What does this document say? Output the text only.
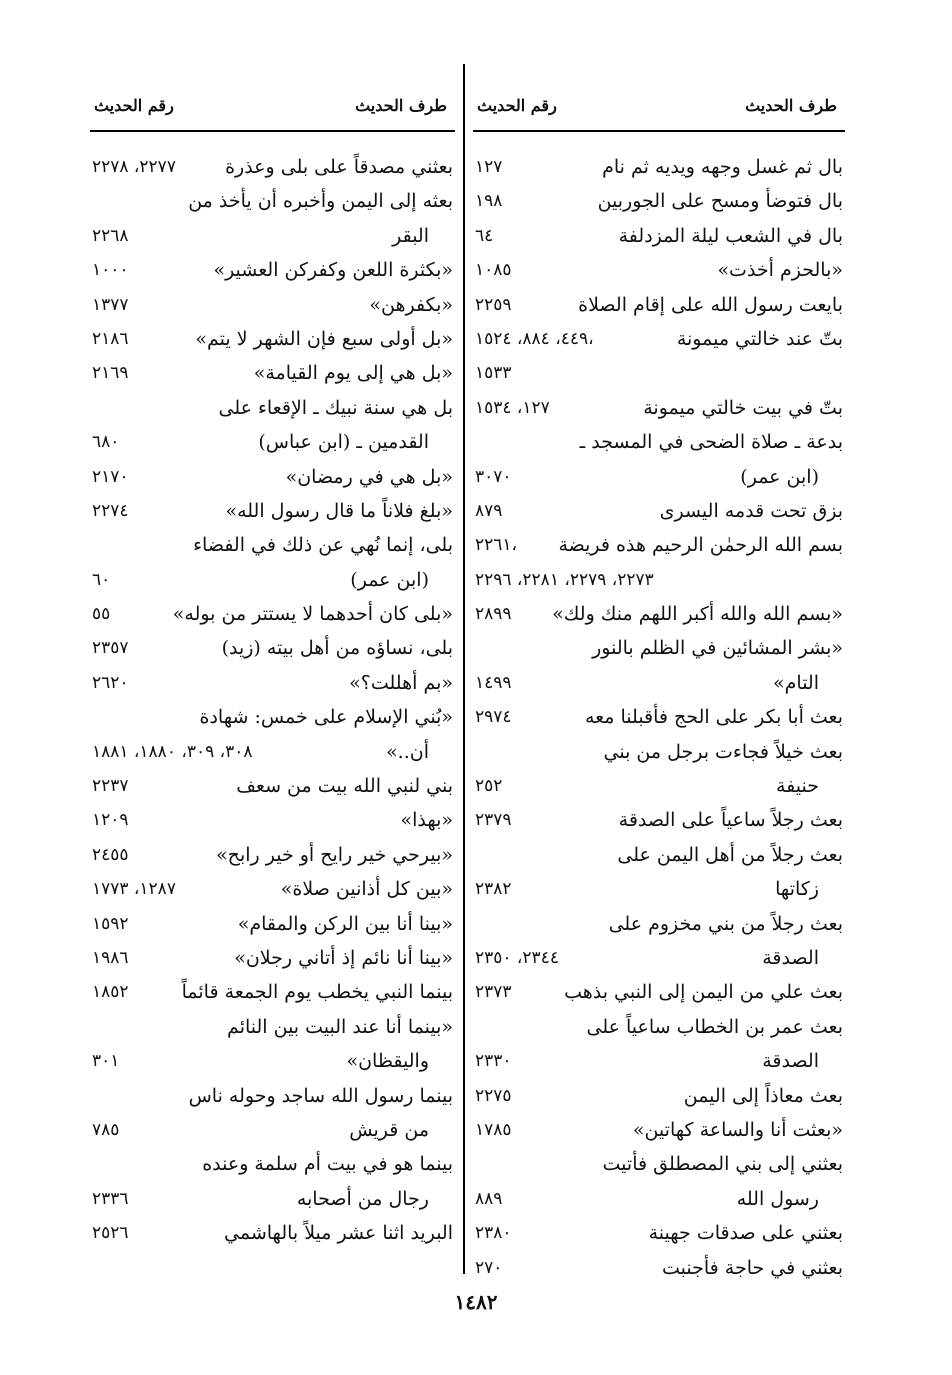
طرف الحديث
رقم الحديث
بال ثم غسل وجهه ويديه ثم نام
١٢٧
بال فتوضأ ومسح على الجوربين
١٩٨
بال في الشعب ليلة المزدلفة
٦٤
«بالحزم أخذت»
١٠٨٥
بايعت رسول الله على إقام الصلاة
٢٢٥٩
بتّ عند خالتي ميمونة
٤٤٩، ٨٨٤، ١٥٢٤،
١٥٣٣
بتّ في بيت خالتي ميمونة
١٢٧، ١٥٣٤
بدعة ـ صلاة الضحى في المسجد ـ
(ابن عمر)
٣٠٧٠
بزق تحت قدمه اليسرى
٨٧٩
بسم الله الرحمٰن الرحيم هذه فريضة
٢٢٦١،
٢٢٧٣، ٢٢٧٩، ٢٢٨١، ٢٢٩٦
«بسم الله والله أكبر اللهم منك ولك»
٢٨٩٩
«بشر المشائين في الظلم بالنور
التام»
١٤٩٩
بعث أبا بكر على الحج فأقبلنا معه
٢٩٧٤
بعث خيلاً فجاءت برجل من بني
حنيفة
٢٥٢
بعث رجلاً ساعياً على الصدقة
٢٣٧٩
بعث رجلاً من أهل اليمن على
زكاتها
٢٣٨٢
بعث رجلاً من بني مخزوم على
الصدقة
٢٣٤٤، ٢٣٥٠
بعث علي من اليمن إلى النبي بذهب
٢٣٧٣
بعث عمر بن الخطاب ساعياً على
الصدقة
٢٣٣٠
بعث معاذاً إلى اليمن
٢٢٧٥
«بعثت أنا والساعة كهاتين»
١٧٨٥
بعثني إلى بني المصطلق فأتيت
رسول الله
٨٨٩
بعثني على صدقات جهينة
٢٣٨٠
بعثني في حاجة فأجنبت
٢٧٠
طرف الحديث
رقم الحديث
بعثني مصدقاً على بلى وعذرة
٢٢٧٧، ٢٢٧٨
بعثه إلى اليمن وأخبره أن يأخذ من
البقر
٢٢٦٨
«بكثرة اللعن وكفركن العشير»
١٠٠٠
«بكفرهن»
١٣٧٧
«بل أولى سبع فإن الشهر لا يتم»
٢١٨٦
«بل هي إلى يوم القيامة»
٢١٦٩
بل هي سنة نبيك ـ الإقعاء على
القدمين ـ (ابن عباس)
٦٨٠
«بل هي في رمضان»
٢١٧٠
«بلغ فلاناً ما قال رسول الله»
٢٢٧٤
بلى، إنما نُهي عن ذلك في الفضاء
(ابن عمر)
٦٠
«بلى كان أحدهما لا يستتر من بوله»
٥٥
بلى، نساؤه من أهل بيته (زيد)
٢٣٥٧
«بم أهللت؟»
٢٦٢٠
«بُني الإسلام على خمس: شهادة
أن..»
٣٠٨، ٣٠٩، ١٨٨٠، ١٨٨١
بني لنبي الله بيت من سعف
٢٢٣٧
«بهذا»
١٢٠٩
«بيرحي خير رايح أو خير رابح»
٢٤٥٥
«بين كل أذانين صلاة»
١٢٨٧، ١٧٧٣
«بينا أنا بين الركن والمقام»
١٥٩٢
«بينا أنا نائم إذ أتاني رجلان»
١٩٨٦
بينما النبي يخطب يوم الجمعة قائماً
١٨٥٢
«بينما أنا عند البيت بين النائم
واليقظان»
٣٠١
بينما رسول الله ساجد وحوله ناس
من قريش
٧٨٥
بينما هو في بيت أم سلمة وعنده
رجال من أصحابه
٢٣٣٦
البريد اثنا عشر ميلاً بالهاشمي
٢٥٢٦
١٤٨٢
